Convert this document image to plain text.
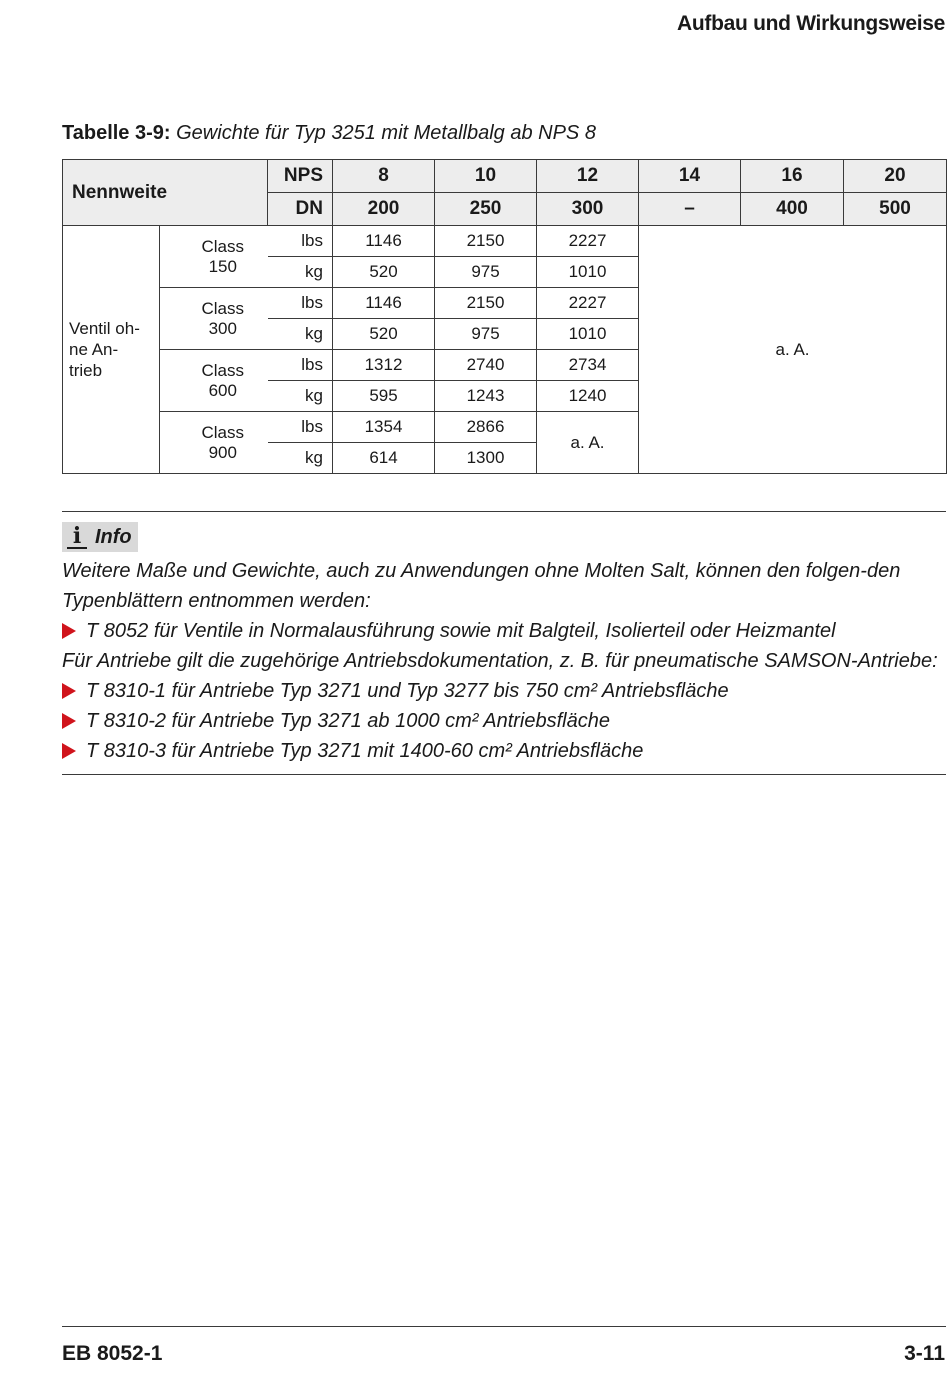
Aufbau und Wirkungsweise
Tabelle 3-9: Gewichte für Typ 3251 mit Metallbalg ab NPS 8
Nennweite		NPS	8	10	12	14	16	20
		DN	200	250	300	–	400	500
Ventil oh-
ne An-
trieb	Class 150	lbs	1146	2150	2227	a. A.		
		kg	520	975	1010			

	Class 300	lbs	1146	2150	2227			
		kg	520	975	1010			

	Class 600	lbs	1312	2740	2734			
		kg	595	1243	1240			

	Class 900	lbs	1354	2866	a. A.			
		kg	614	1300				
i Info

Weitere Maße und Gewichte, auch zu Anwendungen ohne Molten Salt, können den folgen-den Typenblättern entnommen werden:

T 8052 für Ventile in Normalausführung sowie mit Balgteil, Isolierteil oder Heizmantel

Für Antriebe gilt die zugehörige Antriebsdokumentation, z. B. für pneumatische SAMSON-Antriebe:

T 8310-1 für Antriebe Typ 3271 und Typ 3277 bis 750 cm² Antriebsfläche
T 8310-2 für Antriebe Typ 3271 ab 1000 cm² Antriebsfläche
T 8310-3 für Antriebe Typ 3271 mit 1400-60 cm² Antriebsfläche
EB 8052-1	3-11
